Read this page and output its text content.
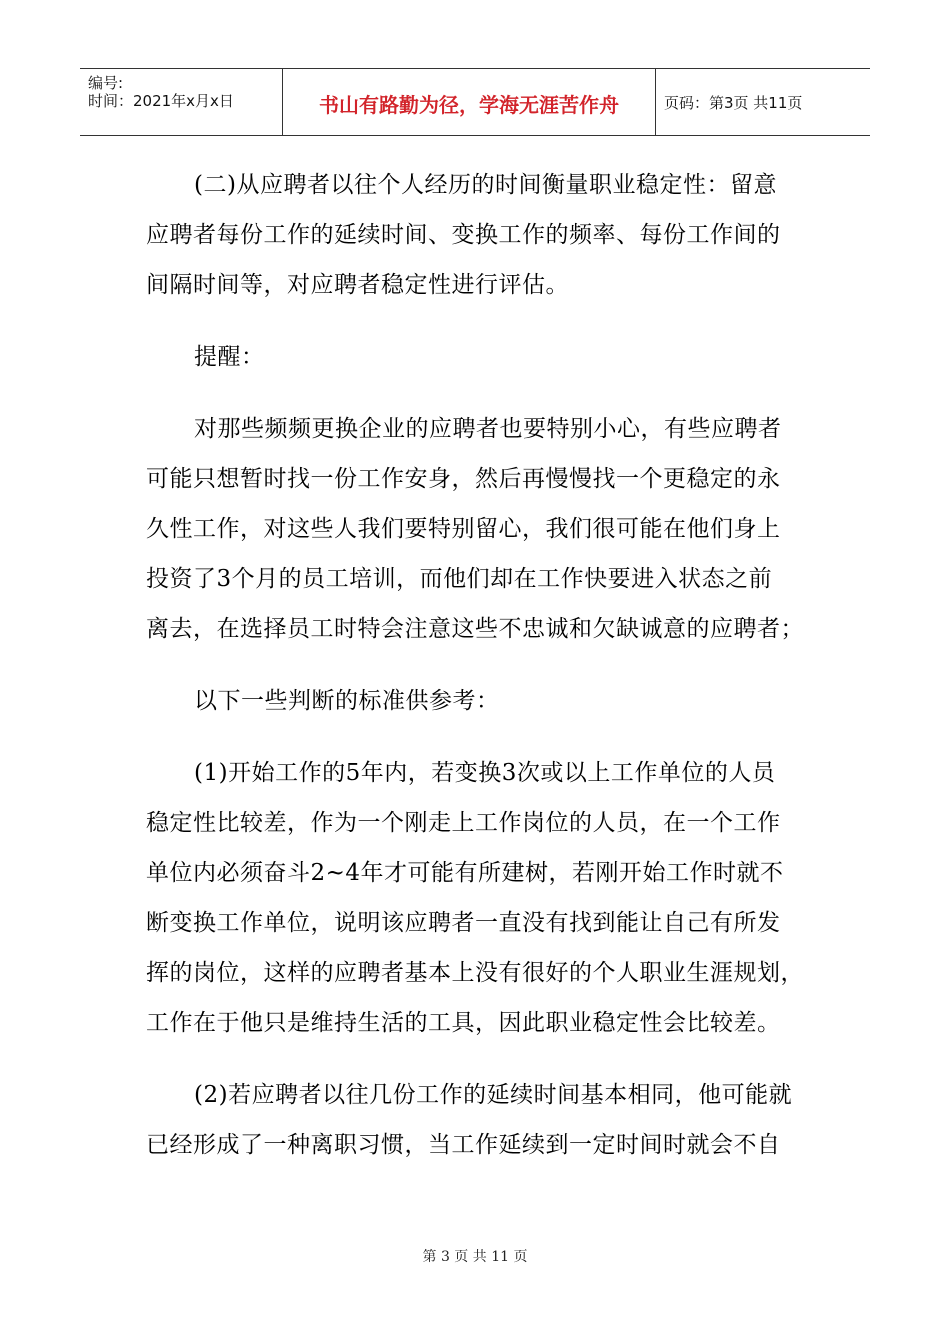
编号:
时间：2021年x月x日	书山有路勤为径，学海无涯苦作舟	页码：第3页 共11页
(二)从应聘者以往个人经历的时间衡量职业稳定性：留意
应聘者每份工作的延续时间、变换工作的频率、每份工作间的
间隔时间等，对应聘者稳定性进行评估。
提醒：
对那些频频更换企业的应聘者也要特别小心，有些应聘者
可能只想暂时找一份工作安身，然后再慢慢找一个更稳定的永
久性工作，对这些人我们要特别留心，我们很可能在他们身上
投资了3个月的员工培训，而他们却在工作快要进入状态之前
离去，在选择员工时特会注意这些不忠诚和欠缺诚意的应聘者；
以下一些判断的标准供参考：
(1)开始工作的5年内，若变换3次或以上工作单位的人员
稳定性比较差，作为一个刚走上工作岗位的人员，在一个工作
单位内必须奋斗2~4年才可能有所建树，若刚开始工作时就不
断变换工作单位，说明该应聘者一直没有找到能让自己有所发
挥的岗位，这样的应聘者基本上没有很好的个人职业生涯规划，
工作在于他只是维持生活的工具，因此职业稳定性会比较差。
(2)若应聘者以往几份工作的延续时间基本相同，他可能就
已经形成了一种离职习惯，当工作延续到一定时间时就会不自
第 3 页 共 11 页
